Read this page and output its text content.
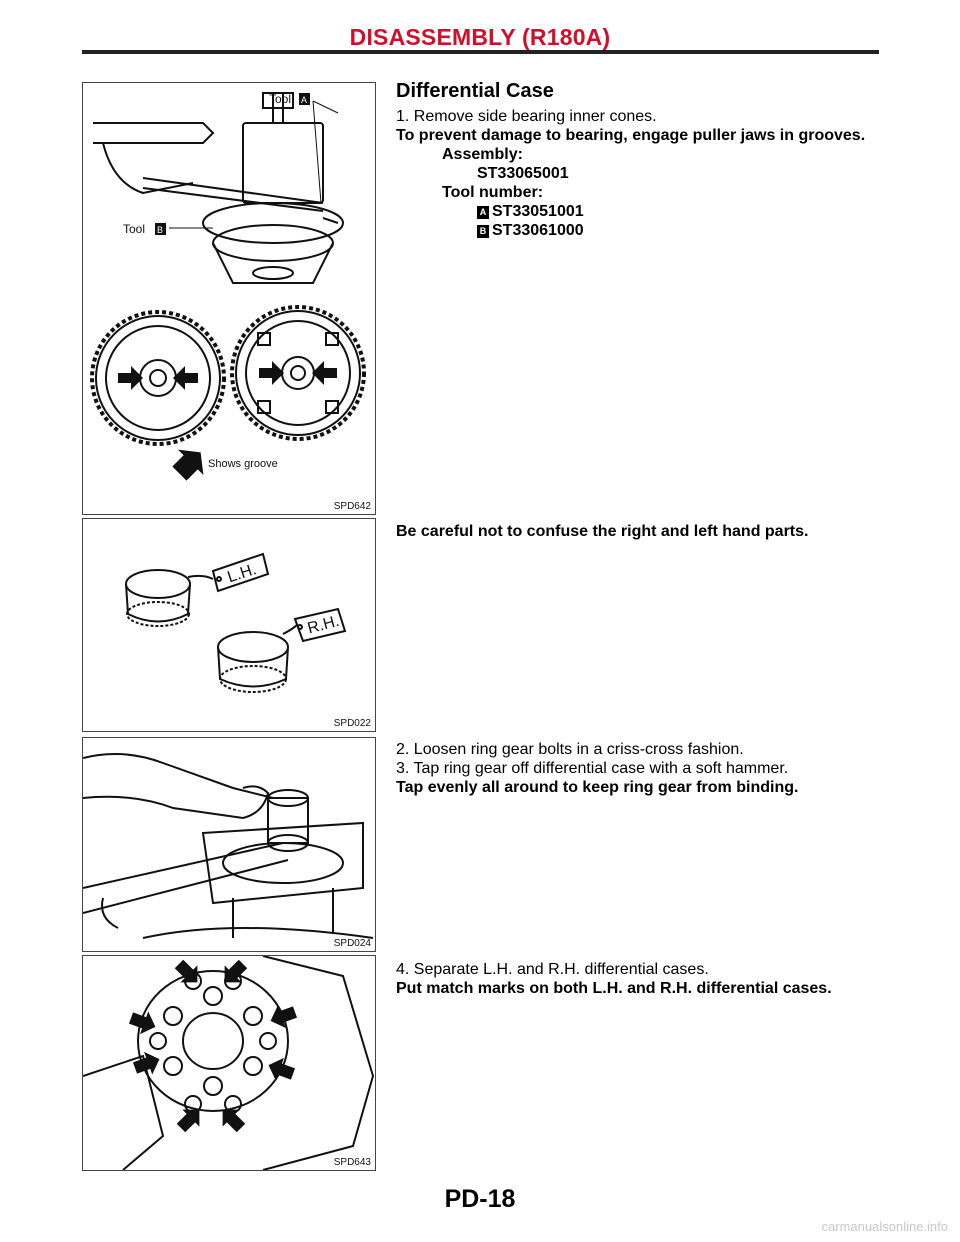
DISASSEMBLY (R180A)
Tool A
Tool B
Shows groove
SPD642
L.H.
R.H.
SPD022
SPD024
SPD643
Differential Case

1. Remove side bearing inner cones.

To prevent damage to bearing, engage puller jaws in grooves.

Assembly:
ST33065001
Tool number:
A ST33051001
B ST33061000

Be careful not to confuse the right and left hand parts.

2. Loosen ring gear bolts in a criss-cross fashion.

3. Tap ring gear off differential case with a soft hammer.

Tap evenly all around to keep ring gear from binding.

4. Separate L.H. and R.H. differential cases.

Put match marks on both L.H. and R.H. differential cases.

PD-18
carmanualsonline.info
